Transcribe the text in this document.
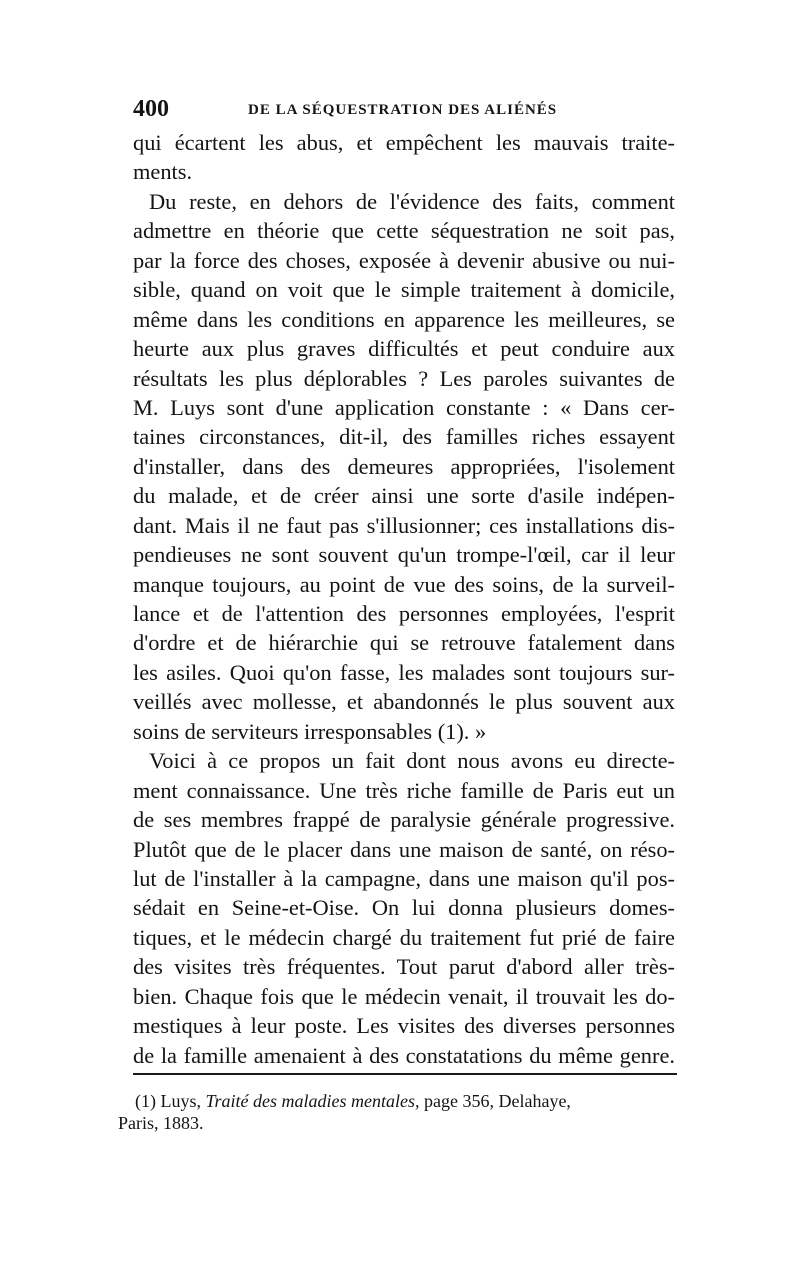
400	DE LA SÉQUESTRATION DES ALIÉNÉS
qui écartent les abus, et empêchent les mauvais traite-
ments.
Du reste, en dehors de l'évidence des faits, comment
admettre en théorie que cette séquestration ne soit pas,
par la force des choses, exposée à devenir abusive ou nui-
sible, quand on voit que le simple traitement à domicile,
même dans les conditions en apparence les meilleures, se
heurte aux plus graves difficultés et peut conduire aux
résultats les plus déplorables ? Les paroles suivantes de
M. Luys sont d'une application constante : « Dans cer-
taines circonstances, dit-il, des familles riches essayent
d'installer, dans des demeures appropriées, l'isolement
du malade, et de créer ainsi une sorte d'asile indépen-
dant. Mais il ne faut pas s'illusionner; ces installations dis-
pendieuses ne sont souvent qu'un trompe-l'œil, car il leur
manque toujours, au point de vue des soins, de la surveil-
lance et de l'attention des personnes employées, l'esprit
d'ordre et de hiérarchie qui se retrouve fatalement dans
les asiles. Quoi qu'on fasse, les malades sont toujours sur-
veillés avec mollesse, et abandonnés le plus souvent aux
soins de serviteurs irresponsables (1). »
Voici à ce propos un fait dont nous avons eu directe-
ment connaissance. Une très riche famille de Paris eut un
de ses membres frappé de paralysie générale progressive.
Plutôt que de le placer dans une maison de santé, on réso-
lut de l'installer à la campagne, dans une maison qu'il pos-
sédait en Seine-et-Oise. On lui donna plusieurs domes-
tiques, et le médecin chargé du traitement fut prié de faire
des visites très fréquentes. Tout parut d'abord aller très-
bien. Chaque fois que le médecin venait, il trouvait les do-
mestiques à leur poste. Les visites des diverses personnes
de la famille amenaient à des constatations du même genre.
(1) Luys, Traité des maladies mentales, page 356, Delahaye,
Paris, 1883.
